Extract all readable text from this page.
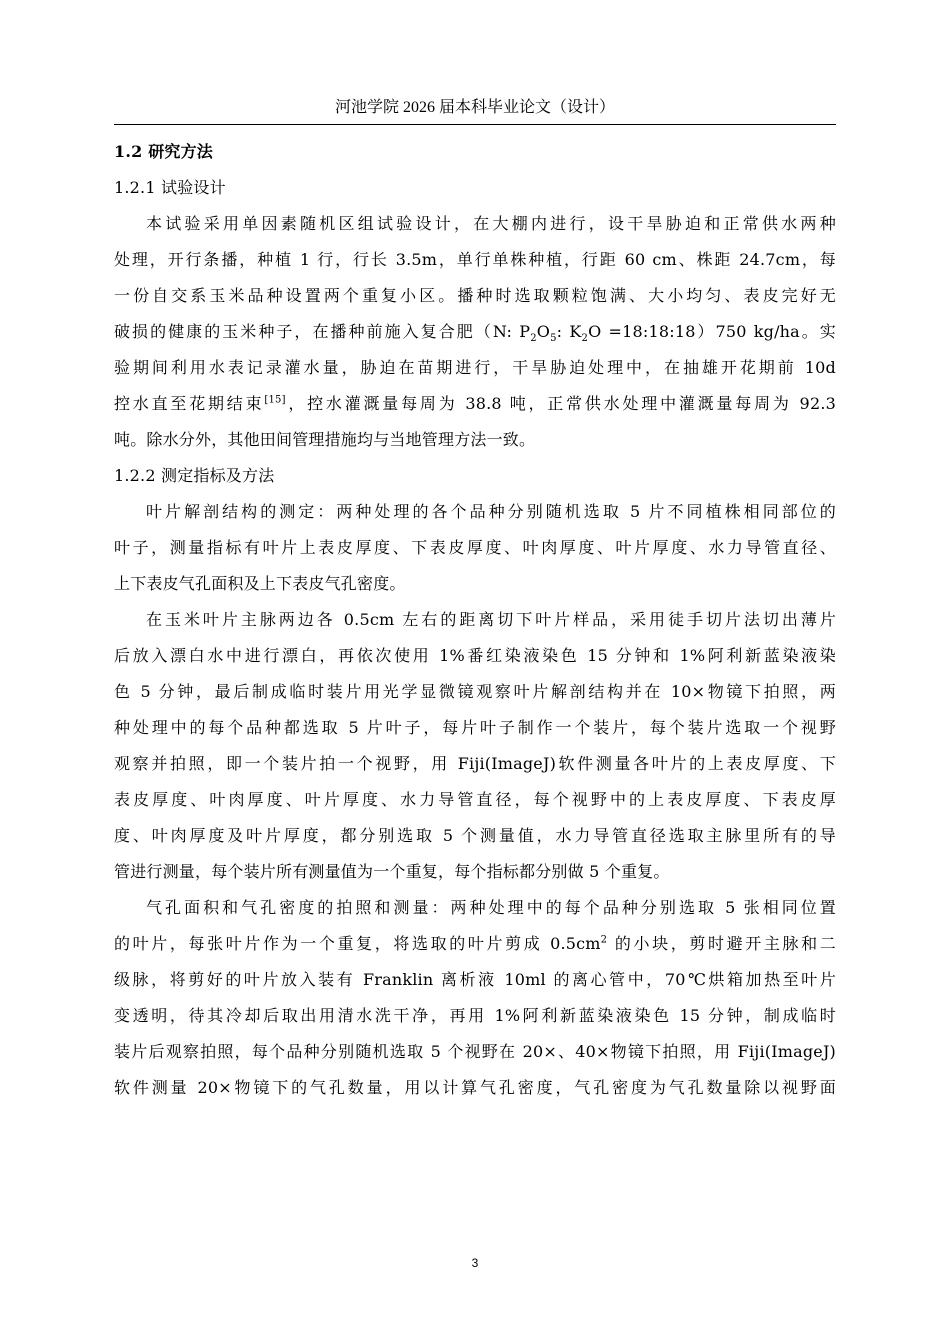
河池学院 2026 届本科毕业论文（设计）
1.2 研究方法
1.2.1 试验设计
本试验采用单因素随机区组试验设计，在大棚内进行，设干旱胁迫和正常供水两种
处理，开行条播，种植 1 行，行长 3.5m，单行单株种植，行距 60 cm、株距 24.7cm，每
一份自交系玉米品种设置两个重复小区。播种时选取颗粒饱满、大小均匀、表皮完好无
破损的健康的玉米种子，在播种前施入复合肥（N: $P_2O_5$: $K_2O$ =18:18:18）750 kg/ha。实
验期间利用水表记录灌水量，胁迫在苗期进行，干旱胁迫处理中，在抽雄开花期前 10d
控水直至花期结束[15]，控水灌溉量每周为 38.8 吨，正常供水处理中灌溉量每周为 92.3
吨。除水分外，其他田间管理措施均与当地管理方法一致。
1.2.2 测定指标及方法
叶片解剖结构的测定：两种处理的各个品种分别随机选取 5 片不同植株相同部位的
叶子，测量指标有叶片上表皮厚度、下表皮厚度、叶肉厚度、叶片厚度、水力导管直径、
上下表皮气孔面积及上下表皮气孔密度。
在玉米叶片主脉两边各 0.5cm 左右的距离切下叶片样品，采用徒手切片法切出薄片
后放入漂白水中进行漂白，再依次使用 1%番红染液染色 15 分钟和 1%阿利新蓝染液染
色 5 分钟，最后制成临时装片用光学显微镜观察叶片解剖结构并在 10×物镜下拍照，两
种处理中的每个品种都选取 5 片叶子，每片叶子制作一个装片，每个装片选取一个视野
观察并拍照，即一个装片拍一个视野，用 Fiji(ImageJ)软件测量各叶片的上表皮厚度、下
表皮厚度、叶肉厚度、叶片厚度、水力导管直径，每个视野中的上表皮厚度、下表皮厚
度、叶肉厚度及叶片厚度，都分别选取 5 个测量值，水力导管直径选取主脉里所有的导
管进行测量，每个装片所有测量值为一个重复，每个指标都分别做 5 个重复。
气孔面积和气孔密度的拍照和测量：两种处理中的每个品种分别选取 5 张相同位置
的叶片，每张叶片作为一个重复，将选取的叶片剪成 $0.5cm^2$ 的小块，剪时避开主脉和二
级脉，将剪好的叶片放入装有 Franklin 离析液 10ml 的离心管中，70℃烘箱加热至叶片
变透明，待其冷却后取出用清水洗干净，再用 1%阿利新蓝染液染色 15 分钟，制成临时
装片后观察拍照，每个品种分别随机选取 5 个视野在 20×、40×物镜下拍照，用 Fiji(ImageJ)
软件测量 20×物镜下的气孔数量，用以计算气孔密度，气孔密度为气孔数量除以视野面
3
